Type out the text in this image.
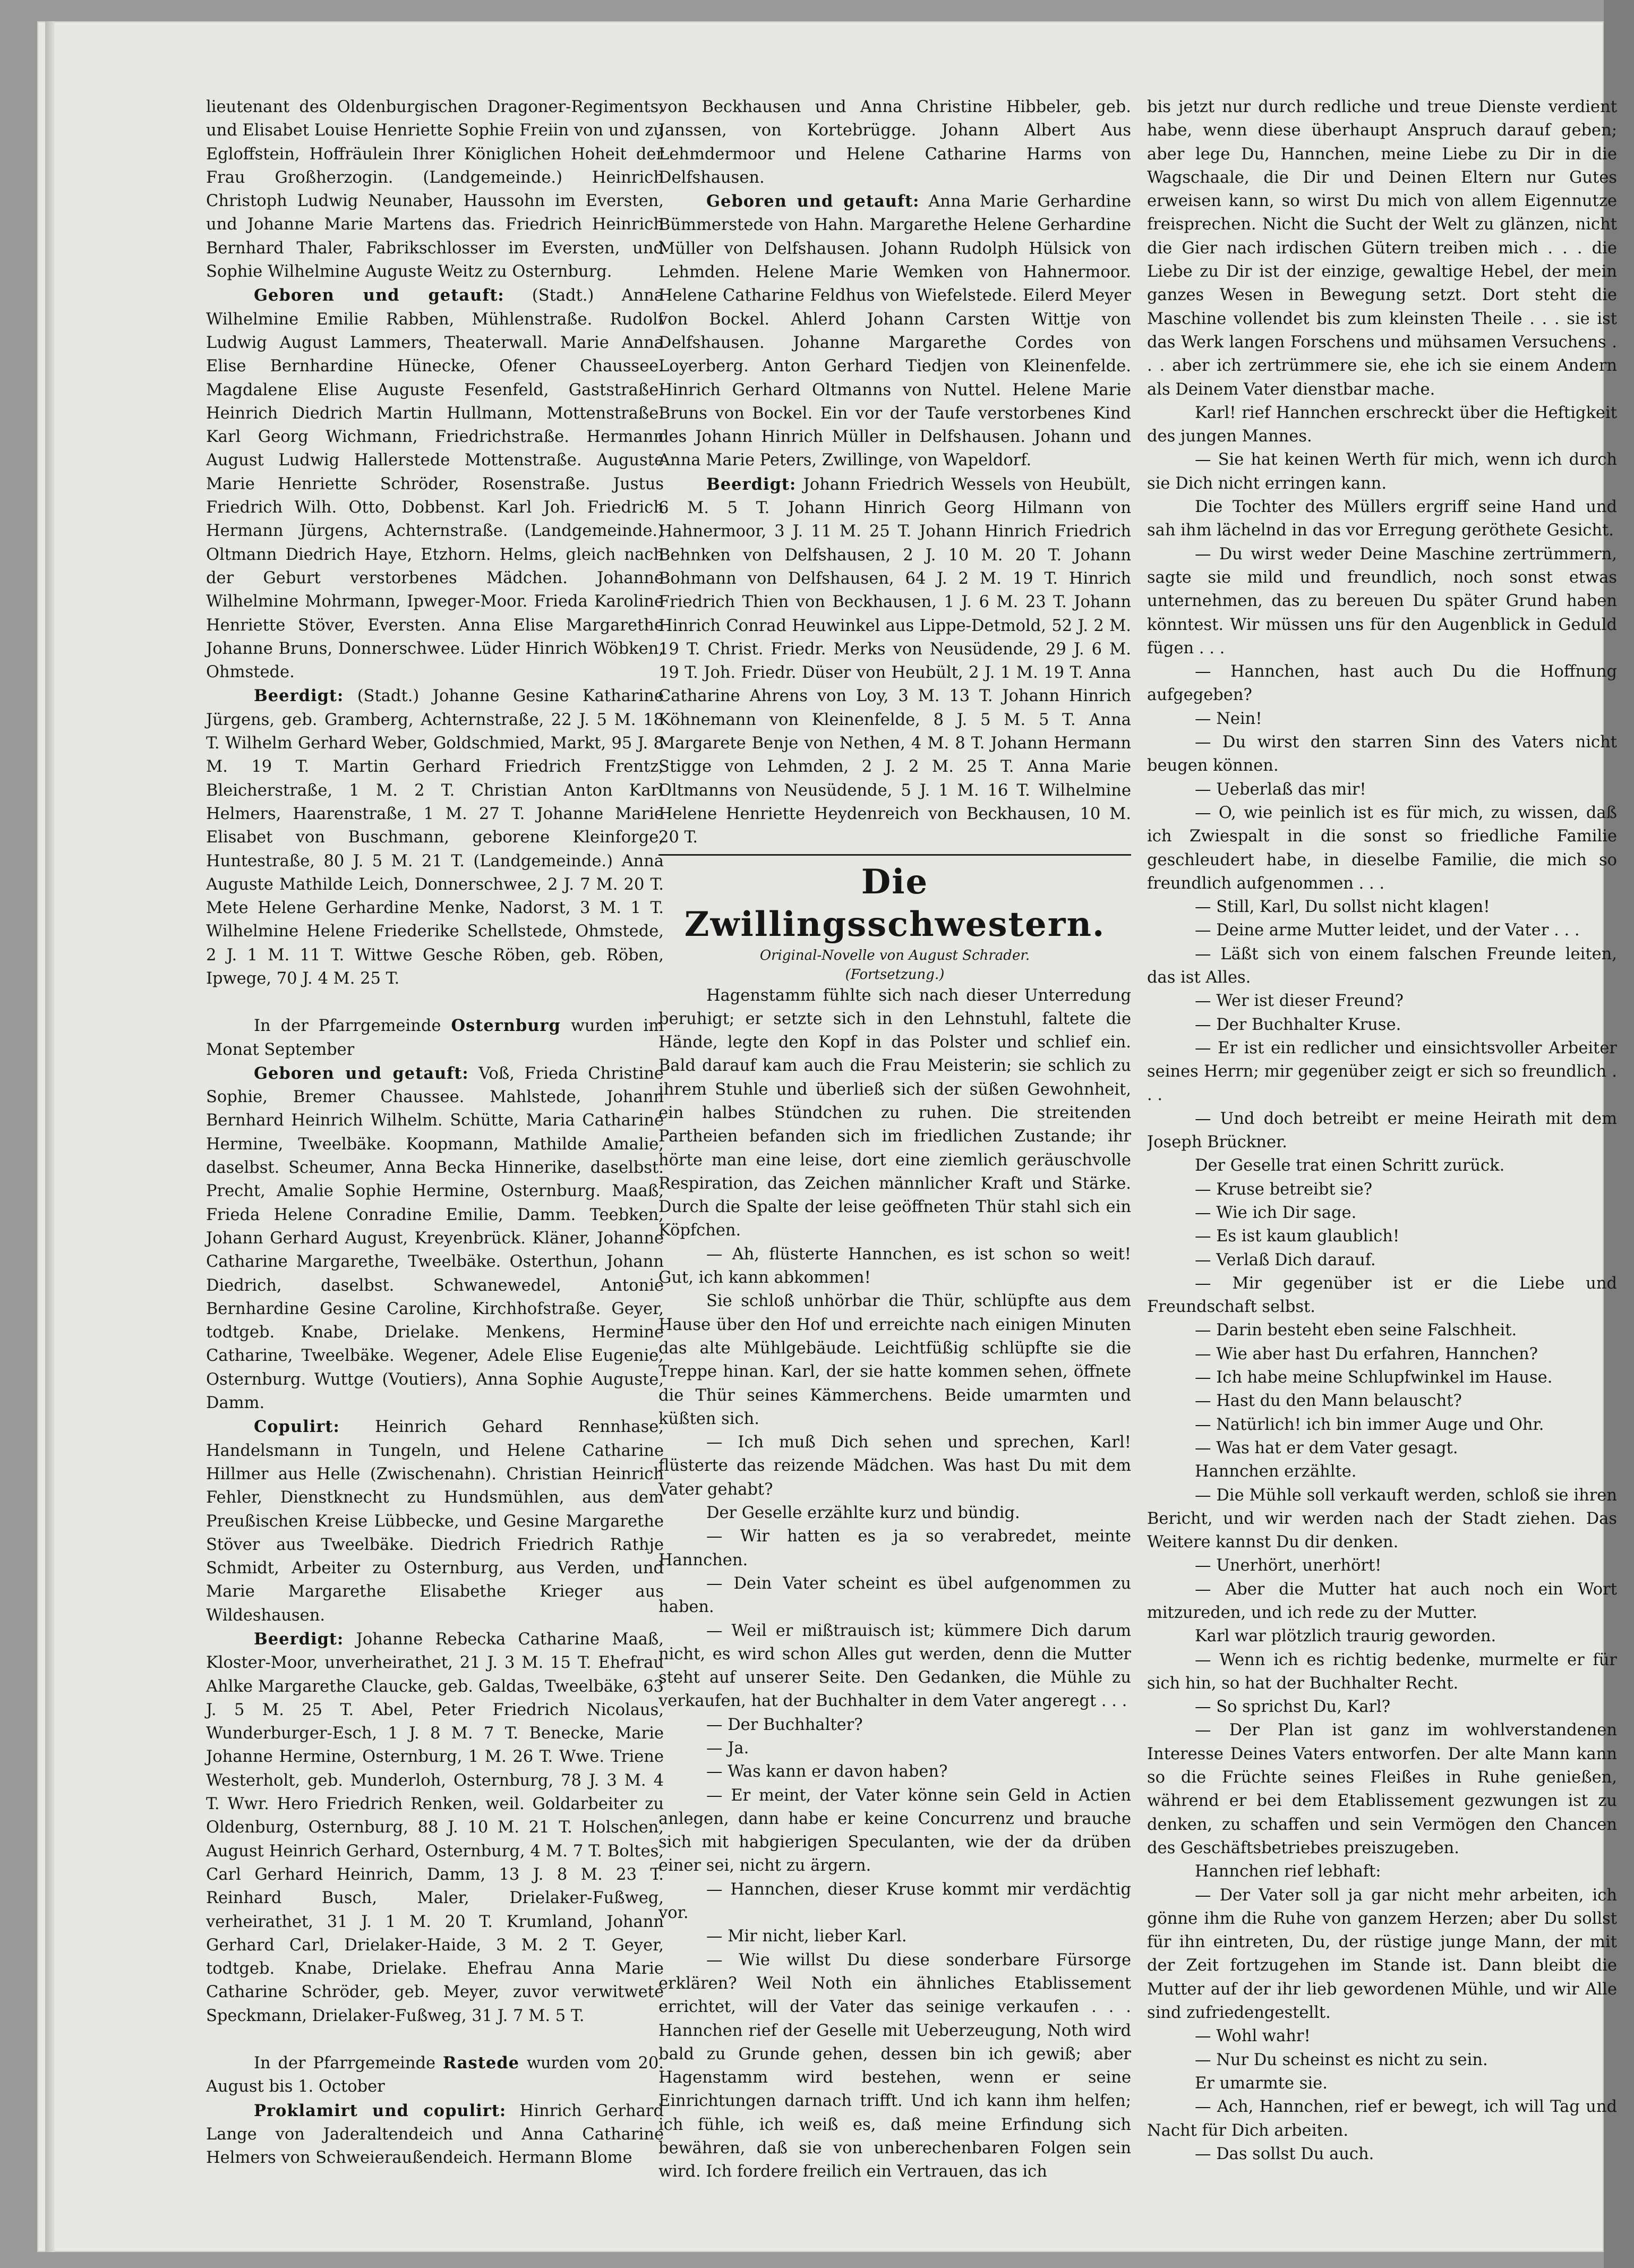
lieutenant des Oldenburgischen Dragoner-Regiments, und Elisabet Louise Henriette Sophie Freiin von und zu Egloffstein, Hoffräulein Ihrer Königlichen Hoheit der Frau Großherzogin. (Landgemeinde.) Heinrich Christoph Ludwig Neunaber, Haussohn im Eversten, und Johanne Marie Martens das. Friedrich Heinrich Bernhard Thaler, Fabrikschlosser im Eversten, und Sophie Wilhelmine Auguste Weitz zu Osternburg.

Geboren und getauft: (Stadt.) Anna Wilhelmine Emilie Rabben, Mühlenstraße. Rudolf Ludwig August Lammers, Theaterwall. Marie Anna Elise Bernhardine Hünecke, Ofener Chaussee. Magdalene Elise Auguste Fesenfeld, Gaststraße. Heinrich Diedrich Martin Hullmann, Mottenstraße. Karl Georg Wichmann, Friedrichstraße. Hermann August Ludwig Hallerstede Mottenstraße. Auguste Marie Henriette Schröder, Rosenstraße. Justus Friedrich Wilh. Otto, Dobbenst. Karl Joh. Friedrich Hermann Jürgens, Achternstraße. (Landgemeinde.) Oltmann Diedrich Haye, Etzhorn. Helms, gleich nach der Geburt verstorbenes Mädchen. Johanne Wilhelmine Mohrmann, Ipweger-Moor. Frieda Karoline Henriette Stöver, Eversten. Anna Elise Margarethe Johanne Bruns, Donnerschwee. Lüder Hinrich Wöbken, Ohmstede.

Beerdigt: (Stadt.) Johanne Gesine Katharine Jürgens, geb. Gramberg, Achternstraße, 22 J. 5 M. 18 T. Wilhelm Gerhard Weber, Goldschmied, Markt, 95 J. 8 M. 19 T. Martin Gerhard Friedrich Frentz, Bleicherstraße, 1 M. 2 T. Christian Anton Karl Helmers, Haarenstraße, 1 M. 27 T. Johanne Marie Elisabet von Buschmann, geborene Kleinforge, Huntestraße, 80 J. 5 M. 21 T. (Landgemeinde.) Anna Auguste Mathilde Leich, Donnerschwee, 2 J. 7 M. 20 T. Mete Helene Gerhardine Menke, Nadorst, 3 M. 1 T. Wilhelmine Helene Friederike Schellstede, Ohmstede, 2 J. 1 M. 11 T. Wittwe Gesche Röben, geb. Röben, Ipwege, 70 J. 4 M. 25 T.

In der Pfarrgemeinde Osternburg wurden im Monat September

Geboren und getauft: Voß, Frieda Christine Sophie, Bremer Chaussee. Mahlstede, Johann Bernhard Heinrich Wilhelm. Schütte, Maria Catharine Hermine, Tweelbäke. Koopmann, Mathilde Amalie, daselbst. Scheumer, Anna Becka Hinnerike, daselbst. Precht, Amalie Sophie Hermine, Osternburg. Maaß, Frieda Helene Conradine Emilie, Damm. Teebken, Johann Gerhard August, Kreyenbrück. Kläner, Johanne Catharine Margarethe, Tweelbäke. Osterthun, Johann Diedrich, daselbst. Schwanewedel, Antonie Bernhardine Gesine Caroline, Kirchhofstraße. Geyer, todtgeb. Knabe, Drielake. Menkens, Hermine Catharine, Tweelbäke. Wegener, Adele Elise Eugenie, Osternburg. Wuttge (Voutiers), Anna Sophie Auguste, Damm.

Copulirt: Heinrich Gehard Rennhase, Handelsmann in Tungeln, und Helene Catharine Hillmer aus Helle (Zwischenahn). Christian Heinrich Fehler, Dienstknecht zu Hundsmühlen, aus dem Preußischen Kreise Lübbecke, und Gesine Margarethe Stöver aus Tweelbäke. Diedrich Friedrich Rathje Schmidt, Arbeiter zu Osternburg, aus Verden, und Marie Margarethe Elisabethe Krieger aus Wildeshausen.

Beerdigt: Johanne Rebecka Catharine Maaß, Kloster-Moor, unverheirathet, 21 J. 3 M. 15 T. Ehefrau Ahlke Margarethe Claucke, geb. Galdas, Tweelbäke, 63 J. 5 M. 25 T. Abel, Peter Friedrich Nicolaus, Wunderburger-Esch, 1 J. 8 M. 7 T. Benecke, Marie Johanne Hermine, Osternburg, 1 M. 26 T. Wwe. Triene Westerholt, geb. Munderloh, Osternburg, 78 J. 3 M. 4 T. Wwr. Hero Friedrich Renken, weil. Goldarbeiter zu Oldenburg, Osternburg, 88 J. 10 M. 21 T. Holschen, August Heinrich Gerhard, Osternburg, 4 M. 7 T. Boltes, Carl Gerhard Heinrich, Damm, 13 J. 8 M. 23 T. Reinhard Busch, Maler, Drielaker-Fußweg, verheirathet, 31 J. 1 M. 20 T. Krumland, Johann Gerhard Carl, Drielaker-Haide, 3 M. 2 T. Geyer, todtgeb. Knabe, Drielake. Ehefrau Anna Marie Catharine Schröder, geb. Meyer, zuvor verwitwete Speckmann, Drielaker-Fußweg, 31 J. 7 M. 5 T.

In der Pfarrgemeinde Rastede wurden vom 20. August bis 1. October

Proklamirt und copulirt: Hinrich Gerhard Lange von Jaderaltendeich und Anna Catharine Helmers von Schweieraußendeich. Hermann Blome

von Beckhausen und Anna Christine Hibbeler, geb. Janssen, von Kortebrügge. Johann Albert Aus Lehmdermoor und Helene Catharine Harms von Delfshausen.

Geboren und getauft: Anna Marie Gerhardine Bümmerstede von Hahn. Margarethe Helene Gerhardine Müller von Delfshausen. Johann Rudolph Hülsick von Lehmden. Helene Marie Wemken von Hahnermoor. Helene Catharine Feldhus von Wiefelstede. Eilerd Meyer von Bockel. Ahlerd Johann Carsten Wittje von Delfshausen. Johanne Margarethe Cordes von Loyerberg. Anton Gerhard Tiedjen von Kleinenfelde. Hinrich Gerhard Oltmanns von Nuttel. Helene Marie Bruns von Bockel. Ein vor der Taufe verstorbenes Kind des Johann Hinrich Müller in Delfshausen. Johann und Anna Marie Peters, Zwillinge, von Wapeldorf.

Beerdigt: Johann Friedrich Wessels von Heubült, 6 M. 5 T. Johann Hinrich Georg Hilmann von Hahnermoor, 3 J. 11 M. 25 T. Johann Hinrich Friedrich Behnken von Delfshausen, 2 J. 10 M. 20 T. Johann Bohmann von Delfshausen, 64 J. 2 M. 19 T. Hinrich Friedrich Thien von Beckhausen, 1 J. 6 M. 23 T. Johann Hinrich Conrad Heuwinkel aus Lippe-Detmold, 52 J. 2 M. 19 T. Christ. Friedr. Merks von Neusüdende, 29 J. 6 M. 19 T. Joh. Friedr. Düser von Heubült, 2 J. 1 M. 19 T. Anna Catharine Ahrens von Loy, 3 M. 13 T. Johann Hinrich Köhnemann von Kleinenfelde, 8 J. 5 M. 5 T. Anna Margarete Benje von Nethen, 4 M. 8 T. Johann Hermann Stigge von Lehmden, 2 J. 2 M. 25 T. Anna Marie Oltmanns von Neusüdende, 5 J. 1 M. 16 T. Wilhelmine Helene Henriette Heydenreich von Beckhausen, 10 M. 20 T.

Die Zwillingsschwestern.
Original-Novelle von August Schrader.
(Fortsetzung.)

Hagenstamm fühlte sich nach dieser Unterredung beruhigt; er setzte sich in den Lehnstuhl, faltete die Hände, legte den Kopf in das Polster und schlief ein. Bald darauf kam auch die Frau Meisterin; sie schlich zu ihrem Stuhle und überließ sich der süßen Gewohnheit, ein halbes Stündchen zu ruhen. Die streitenden Partheien befanden sich im friedlichen Zustande; ihr hörte man eine leise, dort eine ziemlich geräuschvolle Respiration, das Zeichen männlicher Kraft und Stärke. Durch die Spalte der leise geöffneten Thür stahl sich ein Köpfchen.

— Ah, flüsterte Hannchen, es ist schon so weit! Gut, ich kann abkommen!

Sie schloß unhörbar die Thür, schlüpfte aus dem Hause über den Hof und erreichte nach einigen Minuten das alte Mühlgebäude. Leichtfüßig schlüpfte sie die Treppe hinan. Karl, der sie hatte kommen sehen, öffnete die Thür seines Kämmerchens. Beide umarmten und küßten sich.

— Ich muß Dich sehen und sprechen, Karl! flüsterte das reizende Mädchen. Was hast Du mit dem Vater gehabt?

Der Geselle erzählte kurz und bündig.

— Wir hatten es ja so verabredet, meinte Hannchen.

— Dein Vater scheint es übel aufgenommen zu haben.

— Weil er mißtrauisch ist; kümmere Dich darum nicht, es wird schon Alles gut werden, denn die Mutter steht auf unserer Seite. Den Gedanken, die Mühle zu verkaufen, hat der Buchhalter in dem Vater angeregt . . .

— Der Buchhalter?

— Ja.

— Was kann er davon haben?

— Er meint, der Vater könne sein Geld in Actien anlegen, dann habe er keine Concurrenz und brauche sich mit habgierigen Speculanten, wie der da drüben einer sei, nicht zu ärgern.

— Hannchen, dieser Kruse kommt mir verdächtig vor.

— Mir nicht, lieber Karl.

— Wie willst Du diese sonderbare Fürsorge erklären? Weil Noth ein ähnliches Etablissement errichtet, will der Vater das seinige verkaufen . . . Hannchen rief der Geselle mit Ueberzeugung, Noth wird bald zu Grunde gehen, dessen bin ich gewiß; aber Hagenstamm wird bestehen, wenn er seine Einrichtungen darnach trifft. Und ich kann ihm helfen; ich fühle, ich weiß es, daß meine Erfindung sich bewähren, daß sie von unberechenbaren Folgen sein wird. Ich fordere freilich ein Vertrauen, das ich

bis jetzt nur durch redliche und treue Dienste verdient habe, wenn diese überhaupt Anspruch darauf geben; aber lege Du, Hannchen, meine Liebe zu Dir in die Wagschaale, die Dir und Deinen Eltern nur Gutes erweisen kann, so wirst Du mich von allem Eigennutze freisprechen. Nicht die Sucht der Welt zu glänzen, nicht die Gier nach irdischen Gütern treiben mich . . . die Liebe zu Dir ist der einzige, gewaltige Hebel, der mein ganzes Wesen in Bewegung setzt. Dort steht die Maschine vollendet bis zum kleinsten Theile . . . sie ist das Werk langen Forschens und mühsamen Versuchens . . . aber ich zertrümmere sie, ehe ich sie einem Andern als Deinem Vater dienstbar mache.

Karl! rief Hannchen erschreckt über die Heftigkeit des jungen Mannes.

— Sie hat keinen Werth für mich, wenn ich durch sie Dich nicht erringen kann.

Die Tochter des Müllers ergriff seine Hand und sah ihm lächelnd in das vor Erregung geröthete Gesicht.

— Du wirst weder Deine Maschine zertrümmern, sagte sie mild und freundlich, noch sonst etwas unternehmen, das zu bereuen Du später Grund haben könntest. Wir müssen uns für den Augenblick in Geduld fügen . . .

— Hannchen, hast auch Du die Hoffnung aufgegeben?

— Nein!

— Du wirst den starren Sinn des Vaters nicht beugen können.

— Ueberlaß das mir!

— O, wie peinlich ist es für mich, zu wissen, daß ich Zwiespalt in die sonst so friedliche Familie geschleudert habe, in dieselbe Familie, die mich so freundlich aufgenommen . . .

— Still, Karl, Du sollst nicht klagen!

— Deine arme Mutter leidet, und der Vater . . .

— Läßt sich von einem falschen Freunde leiten, das ist Alles.

— Wer ist dieser Freund?

— Der Buchhalter Kruse.

— Er ist ein redlicher und einsichtsvoller Arbeiter seines Herrn; mir gegenüber zeigt er sich so freundlich . . .

— Und doch betreibt er meine Heirath mit dem Joseph Brückner.

Der Geselle trat einen Schritt zurück.

— Kruse betreibt sie?

— Wie ich Dir sage.

— Es ist kaum glaublich!

— Verlaß Dich darauf.

— Mir gegenüber ist er die Liebe und Freundschaft selbst.

— Darin besteht eben seine Falschheit.

— Wie aber hast Du erfahren, Hannchen?

— Ich habe meine Schlupfwinkel im Hause.

— Hast du den Mann belauscht?

— Natürlich! ich bin immer Auge und Ohr.

— Was hat er dem Vater gesagt.

Hannchen erzählte.

— Die Mühle soll verkauft werden, schloß sie ihren Bericht, und wir werden nach der Stadt ziehen. Das Weitere kannst Du dir denken.

— Unerhört, unerhört!

— Aber die Mutter hat auch noch ein Wort mitzureden, und ich rede zu der Mutter.

Karl war plötzlich traurig geworden.

— Wenn ich es richtig bedenke, murmelte er für sich hin, so hat der Buchhalter Recht.

— So sprichst Du, Karl?

— Der Plan ist ganz im wohlverstandenen Interesse Deines Vaters entworfen. Der alte Mann kann so die Früchte seines Fleißes in Ruhe genießen, während er bei dem Etablissement gezwungen ist zu denken, zu schaffen und sein Vermögen den Chancen des Geschäftsbetriebes preiszugeben.

Hannchen rief lebhaft:

— Der Vater soll ja gar nicht mehr arbeiten, ich gönne ihm die Ruhe von ganzem Herzen; aber Du sollst für ihn eintreten, Du, der rüstige junge Mann, der mit der Zeit fortzugehen im Stande ist. Dann bleibt die Mutter auf der ihr lieb gewordenen Mühle, und wir Alle sind zufriedengestellt.

— Wohl wahr!

— Nur Du scheinst es nicht zu sein.

Er umarmte sie.

— Ach, Hannchen, rief er bewegt, ich will Tag und Nacht für Dich arbeiten.

— Das sollst Du auch.
